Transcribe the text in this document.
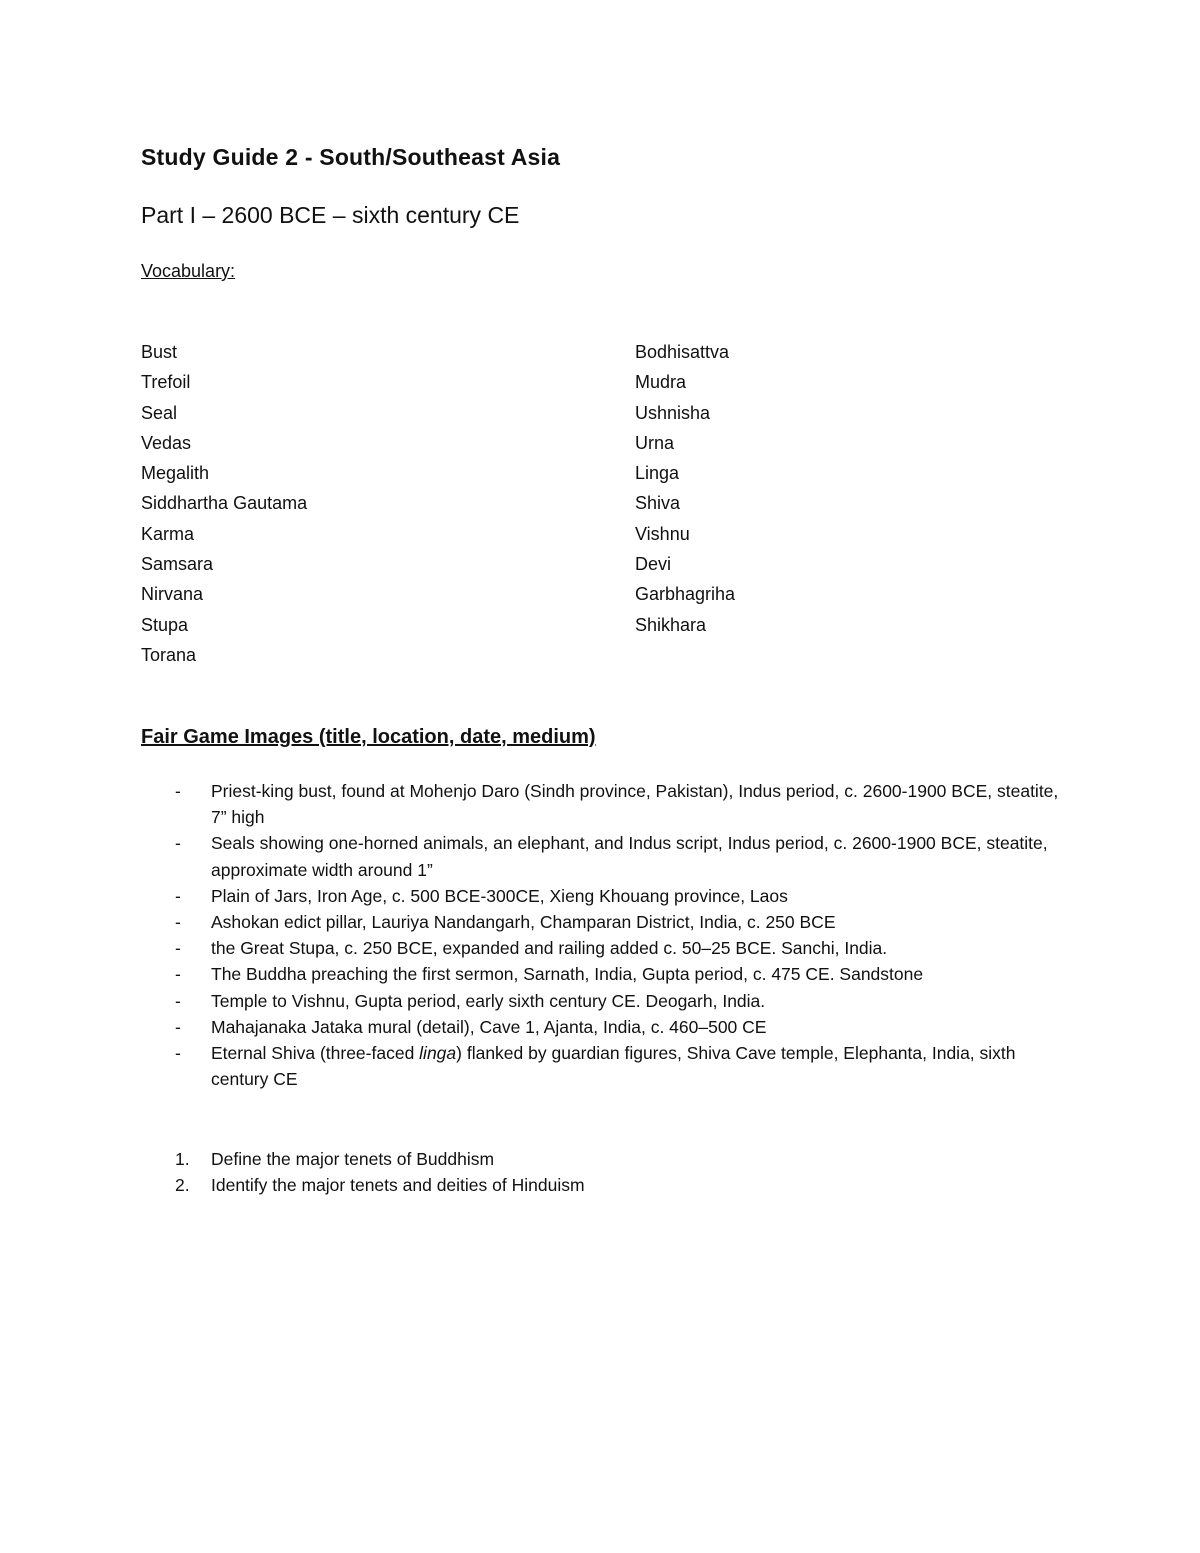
Study Guide 2 - South/Southeast Asia
Part I – 2600 BCE – sixth century CE
Vocabulary:
Bust
Trefoil
Seal
Vedas
Megalith
Siddhartha Gautama
Karma
Samsara
Nirvana
Stupa
Torana
Bodhisattva
Mudra
Ushnisha
Urna
Linga
Shiva
Vishnu
Devi
Garbhagriha
Shikhara
Fair Game Images (title, location, date, medium)
- Priest-king bust, found at Mohenjo Daro (Sindh province, Pakistan), Indus period, c. 2600-1900 BCE, steatite, 7” high
- Seals showing one-horned animals, an elephant, and Indus script, Indus period, c. 2600-1900 BCE, steatite, approximate width around 1”
- Plain of Jars, Iron Age, c. 500 BCE-300CE, Xieng Khouang province, Laos
- Ashokan edict pillar, Lauriya Nandangarh, Champaran District, India, c. 250 BCE
- the Great Stupa, c. 250 BCE, expanded and railing added c. 50–25 BCE. Sanchi, India.
- The Buddha preaching the first sermon, Sarnath, India, Gupta period, c. 475 CE. Sandstone
- Temple to Vishnu, Gupta period, early sixth century CE. Deogarh, India.
- Mahajanaka Jataka mural (detail), Cave 1, Ajanta, India, c. 460–500 CE
- Eternal Shiva (three-faced linga) flanked by guardian figures, Shiva Cave temple, Elephanta, India, sixth century CE
1. Define the major tenets of Buddhism
2. Identify the major tenets and deities of Hinduism
